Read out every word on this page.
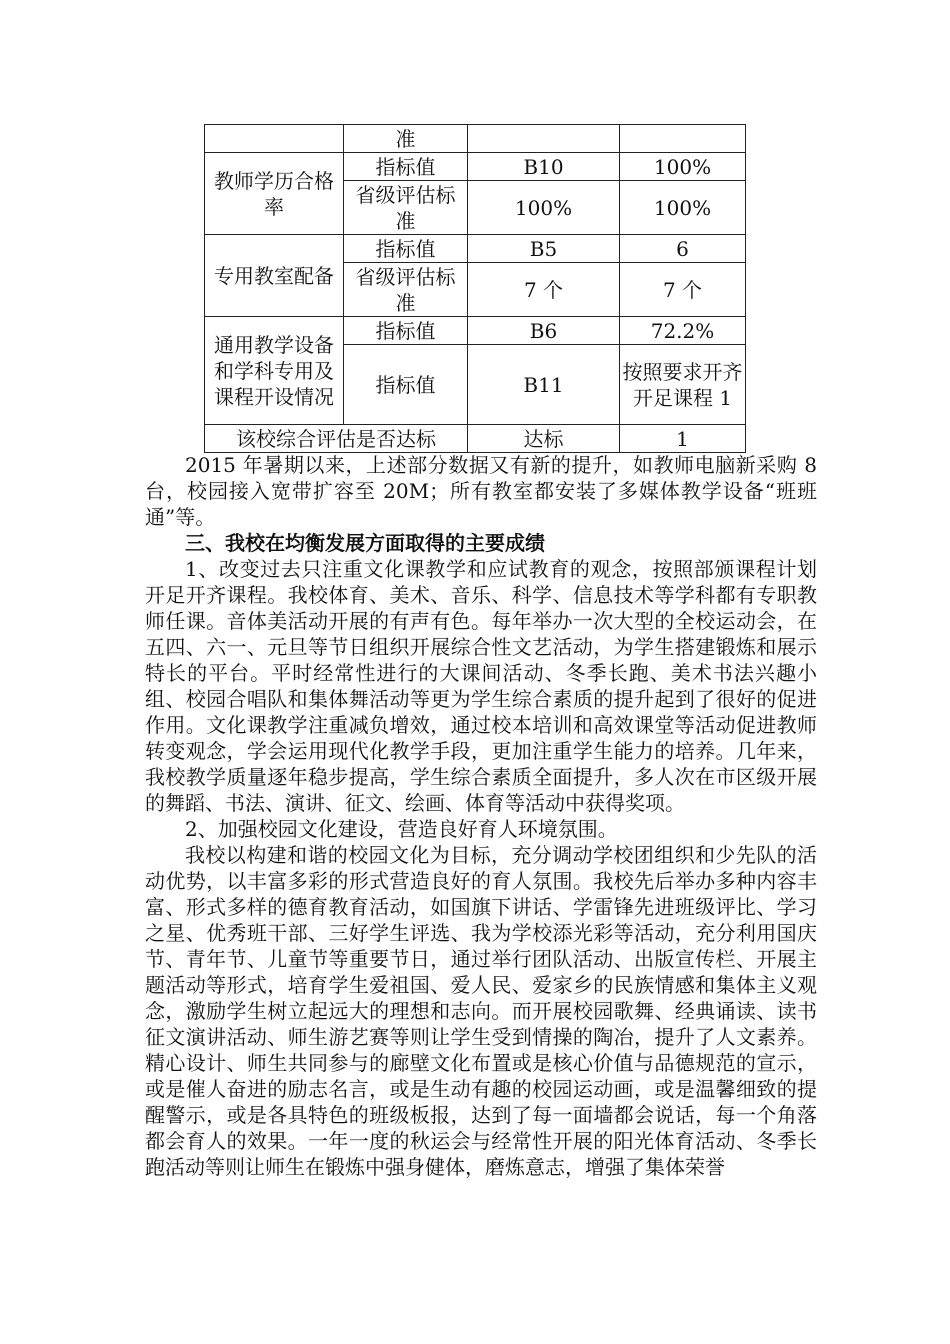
	准		
教师学历合格率	指标值	B10	100%
	省级评估标准	100%	100%
专用教室配备	指标值	B5	6
	省级评估标准	7 个	7 个
通用教学设备和学科专用及课程开设情况	指标值	B6	72.2%
	指标值	B11	按照要求开齐开足课程 1
该校综合评估是否达标		达标	1

2015 年暑期以来，上述部分数据又有新的提升，如教师电脑新采购 8 台，校园接入宽带扩容至 20M；所有教室都安装了多媒体教学设备“班班通”等。

三、我校在均衡发展方面取得的主要成绩

1、改变过去只注重文化课教学和应试教育的观念，按照部颁课程计划开足开齐课程。我校体育、美术、音乐、科学、信息技术等学科都有专职教师任课。音体美活动开展的有声有色。每年举办一次大型的全校运动会，在五四、六一、元旦等节日组织开展综合性文艺活动，为学生搭建锻炼和展示特长的平台。平时经常性进行的大课间活动、冬季长跑、美术书法兴趣小组、校园合唱队和集体舞活动等更为学生综合素质的提升起到了很好的促进作用。文化课教学注重减负增效，通过校本培训和高效课堂等活动促进教师转变观念，学会运用现代化教学手段，更加注重学生能力的培养。几年来，我校教学质量逐年稳步提高，学生综合素质全面提升，多人次在市区级开展的舞蹈、书法、演讲、征文、绘画、体育等活动中获得奖项。

2、加强校园文化建设，营造良好育人环境氛围。

我校以构建和谐的校园文化为目标，充分调动学校团组织和少先队的活动优势，以丰富多彩的形式营造良好的育人氛围。我校先后举办多种内容丰富、形式多样的德育教育活动，如国旗下讲话、学雷锋先进班级评比、学习之星、优秀班干部、三好学生评选、我为学校添光彩等活动，充分利用国庆节、青年节、儿童节等重要节日，通过举行团队活动、出版宣传栏、开展主题活动等形式，培育学生爱祖国、爱人民、爱家乡的民族情感和集体主义观念，激励学生树立起远大的理想和志向。而开展校园歌舞、经典诵读、读书征文演讲活动、师生游艺赛等则让学生受到情操的陶冶，提升了人文素养。精心设计、师生共同参与的廊壁文化布置或是核心价值与品德规范的宣示，或是催人奋进的励志名言，或是生动有趣的校园运动画，或是温馨细致的提醒警示，或是各具特色的班级板报，达到了每一面墙都会说话，每一个角落都会育人的效果。一年一度的秋运会与经常性开展的阳光体育活动、冬季长跑活动等则让师生在锻炼中强身健体，磨炼意志，增强了集体荣誉
